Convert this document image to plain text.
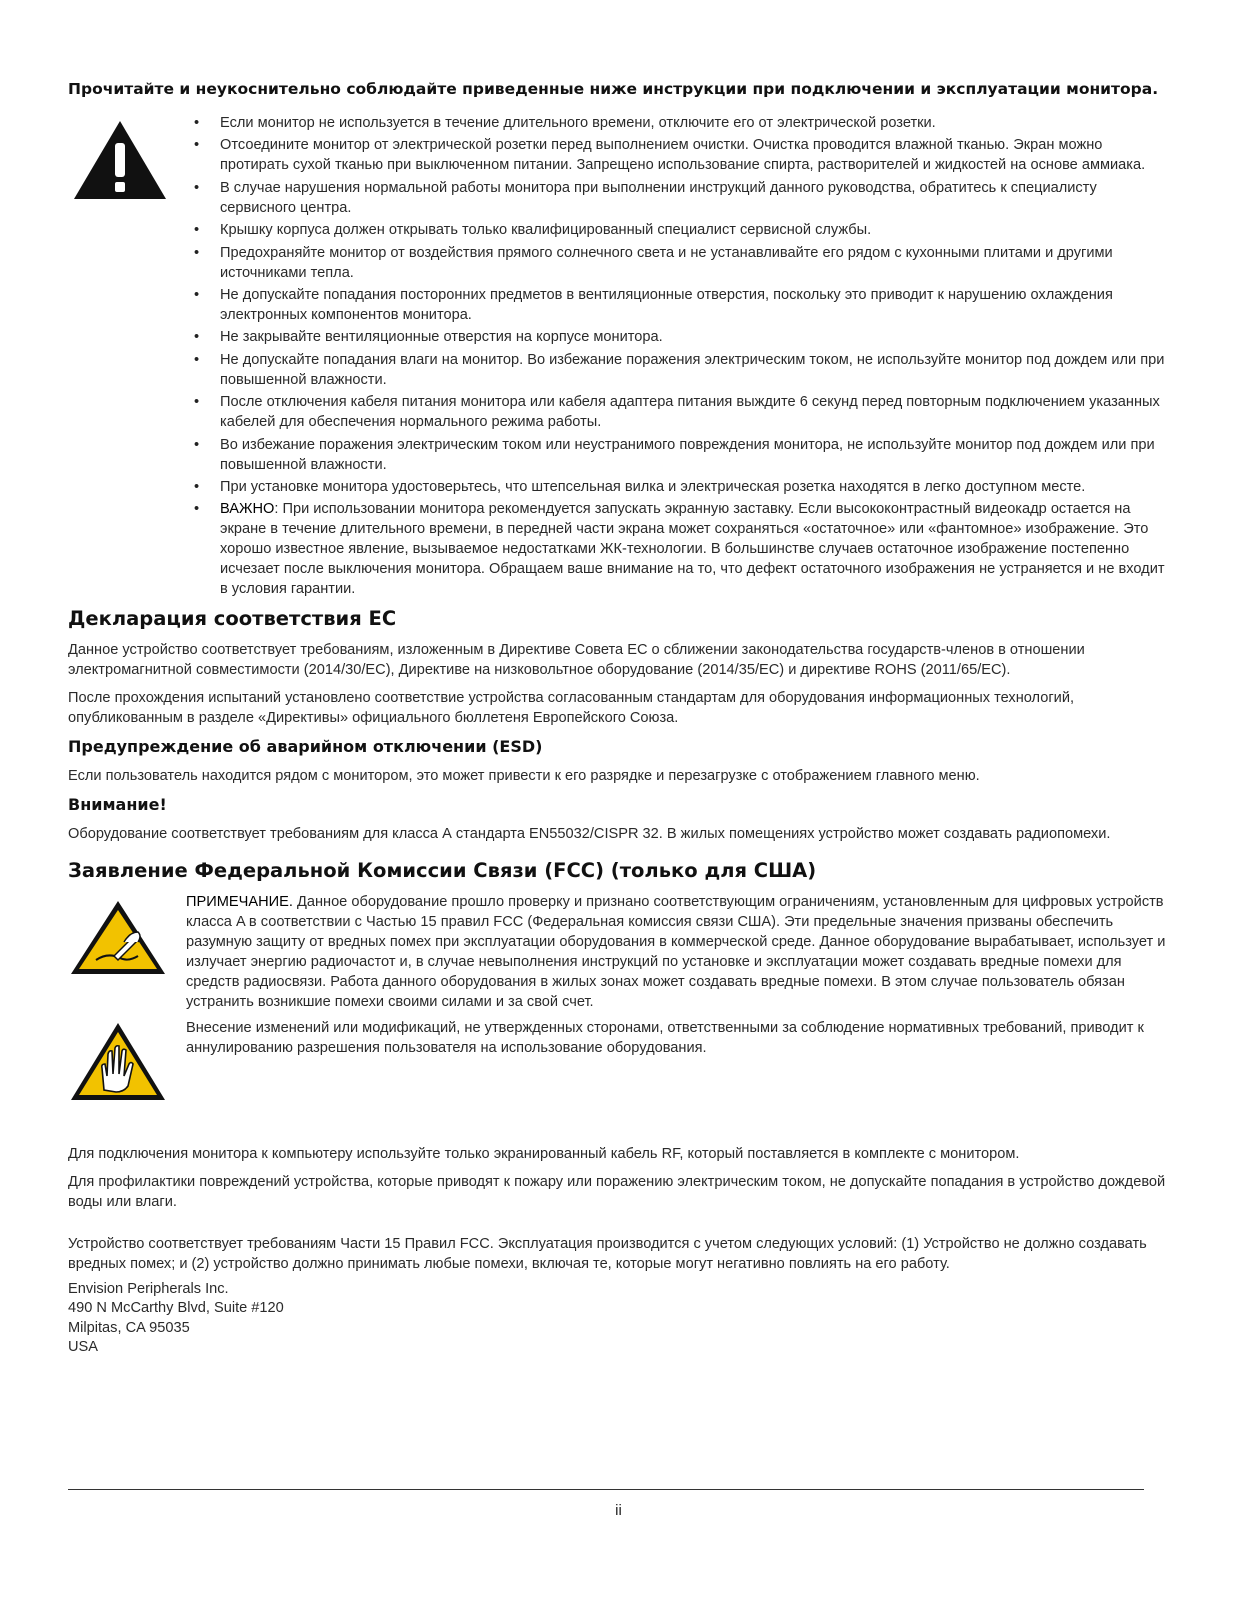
Прочитайте и неукоснительно соблюдайте приведенные ниже инструкции при подключении и эксплуатации монитора.

• Если монитор не используется в течение длительного времени, отключите его от электрической розетки.
• Отсоедините монитор от электрической розетки перед выполнением очистки. Очистка проводится влажной тканью. Экран можно протирать сухой тканью при выключенном питании. Запрещено использование спирта, растворителей и жидкостей на основе аммиака.
• В случае нарушения нормальной работы монитора при выполнении инструкций данного руководства, обратитесь к специалисту сервисного центра.
• Крышку корпуса должен открывать только квалифицированный специалист сервисной службы.
• Предохраняйте монитор от воздействия прямого солнечного света и не устанавливайте его рядом с кухонными плитами и другими источниками тепла.
• Не допускайте попадания посторонних предметов в вентиляционные отверстия, поскольку это приводит к нарушению охлаждения электронных компонентов монитора.
• Не закрывайте вентиляционные отверстия на корпусе монитора.
• Не допускайте попадания влаги на монитор. Во избежание поражения электрическим током, не используйте монитор под дождем или при повышенной влажности.
• После отключения кабеля питания монитора или кабеля адаптера питания выждите 6 секунд перед повторным подключением указанных кабелей для обеспечения нормального режима работы.
• Во избежание поражения электрическим током или неустранимого повреждения монитора, не используйте монитор под дождем или при повышенной влажности.
• При установке монитора удостоверьтесь, что штепсельная вилка и электрическая розетка находятся в легко доступном месте.
• ВАЖНО: При использовании монитора рекомендуется запускать экранную заставку. Если высококонтрастный видеокадр остается на экране в течение длительного времени, в передней части экрана может сохраняться «остаточное» или «фантомное» изображение. Это хорошо известное явление, вызываемое недостатками ЖК-технологии. В большинстве случаев остаточное изображение постепенно исчезает после выключения монитора. Обращаем ваше внимание на то, что дефект остаточного изображения не устраняется и не входит в условия гарантии.
Декларация соответствия ЕС

Данное устройство соответствует требованиям, изложенным в Директиве Совета ЕС о сближении законодательства государств-членов в отношении электромагнитной совместимости (2014/30/EC), Директиве на низковольтное оборудование (2014/35/EC) и директиве ROHS (2011/65/EC).

После прохождения испытаний установлено соответствие устройства согласованным стандартам для оборудования информационных технологий, опубликованным в разделе «Директивы» официального бюллетеня Европейского Союза.

Предупреждение об аварийном отключении (ESD)

Если пользователь находится рядом с монитором, это может привести к его разрядке и перезагрузке с отображением главного меню.

Внимание!

Оборудование соответствует требованиям для класса А стандарта EN55032/CISPR 32. В жилых помещениях устройство может создавать радиопомехи.

Заявление Федеральной Комиссии Связи (FCC) (только для США)

ПРИМЕЧАНИЕ. Данное оборудование прошло проверку и признано соответствующим ограничениям, установленным для цифровых устройств класса A в соответствии с Частью 15 правил FCC (Федеральная комиссия связи США). Эти предельные значения призваны обеспечить разумную защиту от вредных помех при эксплуатации оборудования в коммерческой среде. Данное оборудование вырабатывает, использует и излучает энергию радиочастот и, в случае невыполнения инструкций по установке и эксплуатации может создавать вредные помехи для средств радиосвязи. Работа данного оборудования в жилых зонах может создавать вредные помехи. В этом случае пользователь обязан устранить возникшие помехи своими силами и за свой счет.

Внесение изменений или модификаций, не утвержденных сторонами, ответственными за соблюдение нормативных требований, приводит к аннулированию разрешения пользователя на использование оборудования.

Для подключения монитора к компьютеру используйте только экранированный кабель RF, который поставляется в комплекте с монитором.

Для профилактики повреждений устройства, которые приводят к пожару или поражению электрическим током, не допускайте попадания в устройство дождевой воды или влаги.

Устройство соответствует требованиям Части 15 Правил FCC. Эксплуатация производится с учетом следующих условий: (1) Устройство не должно создавать вредных помех; и (2) устройство должно принимать любые помехи, включая те, которые могут негативно повлиять на его работу.

Envision Peripherals Inc.
490 N McCarthy Blvd, Suite #120
Milpitas, CA 95035
USA
ii
